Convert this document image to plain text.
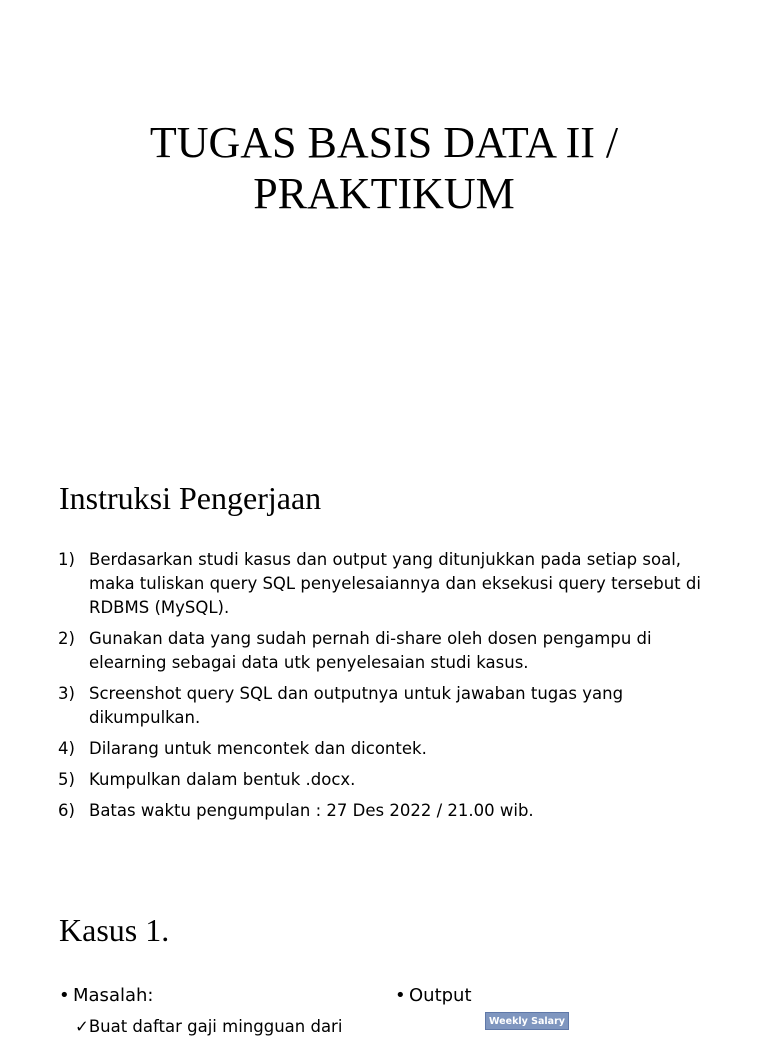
TUGAS BASIS DATA II /
PRAKTIKUM
Instruksi Pengerjaan
1) Berdasarkan studi kasus dan output yang ditunjukkan pada setiap soal, maka tuliskan query SQL penyelesaiannya dan eksekusi query tersebut di RDBMS (MySQL).
2) Gunakan data yang sudah pernah di-share oleh dosen pengampu di elearning sebagai data utk penyelesaian studi kasus.
3) Screenshot query SQL dan outputnya untuk jawaban tugas yang dikumpulkan.
4) Dilarang untuk mencontek dan dicontek.
5) Kumpulkan dalam bentuk .docx.
6) Batas waktu pengumpulan : 27 Des 2022 / 21.00 wib.
Kasus 1.
• Masalah:
✓Buat daftar gaji mingguan dari
• Output
Weekly Salary
